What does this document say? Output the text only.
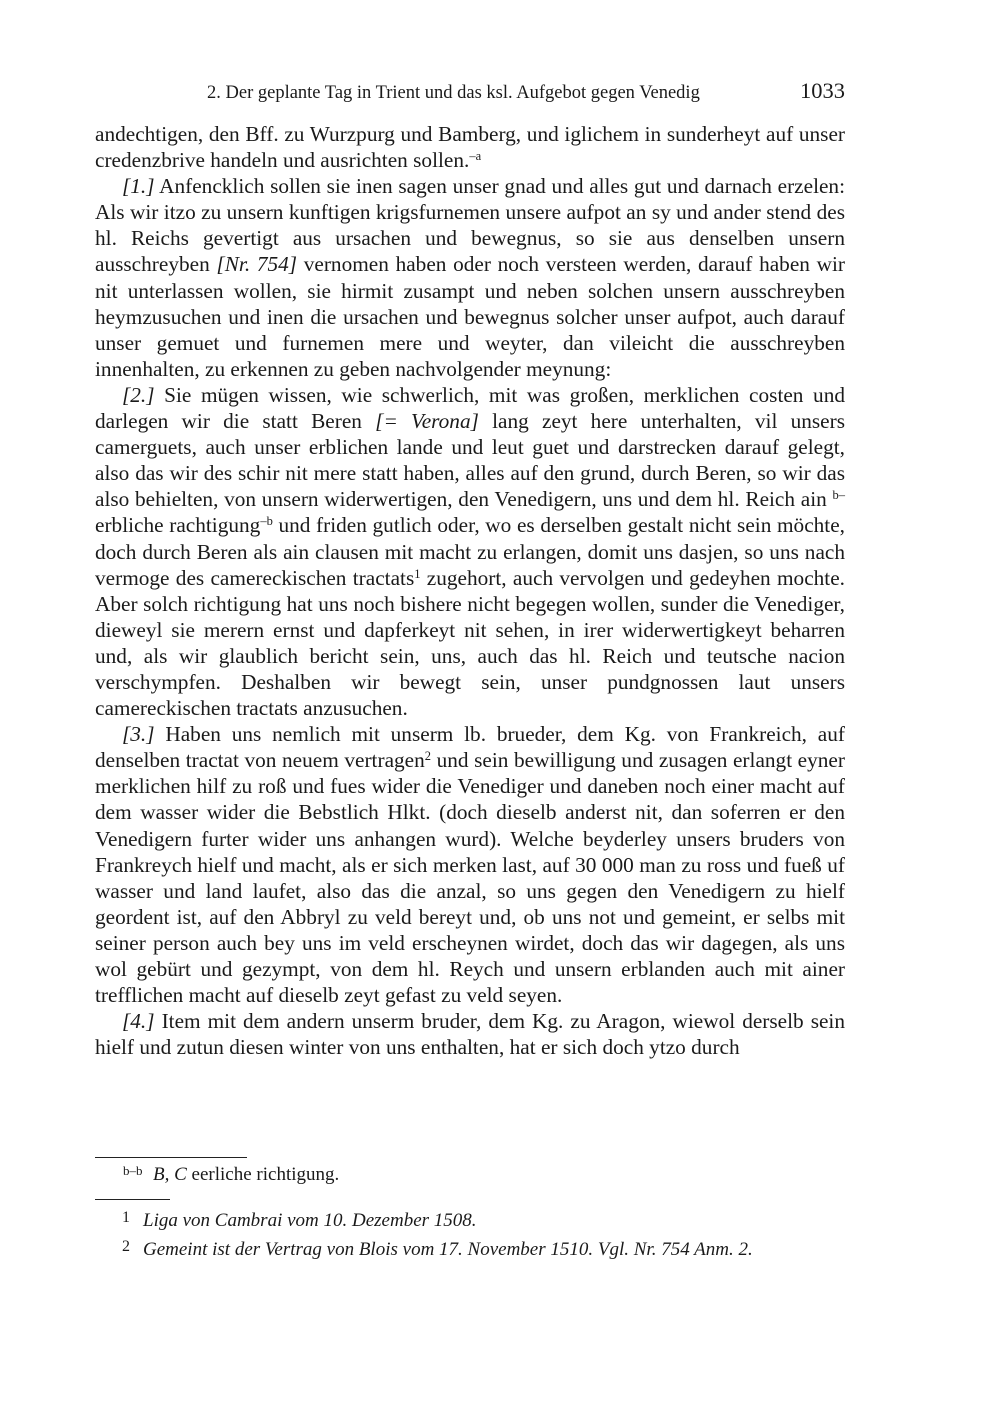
2. Der geplante Tag in Trient und das ksl. Aufgebot gegen Venedig	1033

andechtigen, den Bff. zu Wurzpurg und Bamberg, und iglichem in sunderheyt auf unser credenzbrive handeln und ausrichten sollen.$^{-a}$

[1.] Anfencklich sollen sie inen sagen unser gnad und alles gut und darnach erzelen: Als wir itzo zu unsern kunftigen krigsfurnemen unsere aufpot an sy und ander stend des hl. Reichs gevertigt aus ursachen und bewegnus, so sie aus denselben unsern ausschreyben [Nr. 754] vernomen haben oder noch versteen werden, darauf haben wir nit unterlassen wollen, sie hirmit zusampt und neben solchen unsern ausschreyben heymzusuchen und inen die ursachen und bewegnus solcher unser aufpot, auch darauf unser gemuet und furnemen mere und weyter, dan vileicht die ausschreyben innenhalten, zu erkennen zu geben nachvolgender meynung:

[2.] Sie mügen wissen, wie schwerlich, mit was großen, merklichen costen und darlegen wir die statt Beren [= Verona] lang zeyt here unterhalten, vil unsers camerguets, auch unser erblichen lande und leut guet und darstrecken darauf gelegt, also das wir des schir nit mere statt haben, alles auf den grund, durch Beren, so wir das also behielten, von unsern widerwertigen, den Venedigern, uns und dem hl. Reich ain $^{b-}$erbliche rachtigung$^{-b}$ und friden gutlich oder, wo es derselben gestalt nicht sein möchte, doch durch Beren als ain clausen mit macht zu erlangen, domit uns dasjen, so uns nach vermoge des camereckischen tractats$^1$ zugehort, auch vervolgen und gedeyhen mochte. Aber solch richtigung hat uns noch bishere nicht begegen wollen, sunder die Venediger, dieweyl sie merern ernst und dapferkeyt nit sehen, in irer widerwertigkeyt beharren und, als wir glaublich bericht sein, uns, auch das hl. Reich und teutsche nacion verschympfen. Deshalben wir bewegt sein, unser pundgnossen laut unsers camereckischen tractats anzusuchen.

[3.] Haben uns nemlich mit unserm lb. brueder, dem Kg. von Frankreich, auf denselben tractat von neuem vertragen$^2$ und sein bewilligung und zusagen erlangt eyner merklichen hilf zu roß und fues wider die Venediger und daneben noch einer macht auf dem wasser wider die Bebstlich Hlkt. (doch dieselb anderst nit, dan soferren er den Venedigern furter wider uns anhangen wurd). Welche beyderley unsers bruders von Frankreych hielf und macht, als er sich merken last, auf 30 000 man zu ross und fueß uf wasser und land laufet, also das die anzal, so uns gegen den Venedigern zu hielf geordent ist, auf den Abbryl zu veld bereyt und, ob uns not und gemeint, er selbs mit seiner person auch bey uns im veld erscheynen wirdet, doch das wir dagegen, als uns wol gebürt und gezympt, von dem hl. Reych und unsern erblanden auch mit ainer trefflichen macht auf dieselb zeyt gefast zu veld seyen.

[4.] Item mit dem andern unserm bruder, dem Kg. zu Aragon, wiewol derselb sein hielf und zutun diesen winter von uns enthalten, hat er sich doch ytzo durch

$^{b-b}$ B, C eerliche richtigung.
1 Liga von Cambrai vom 10. Dezember 1508.
2 Gemeint ist der Vertrag von Blois vom 17. November 1510. Vgl. Nr. 754 Anm. 2.
